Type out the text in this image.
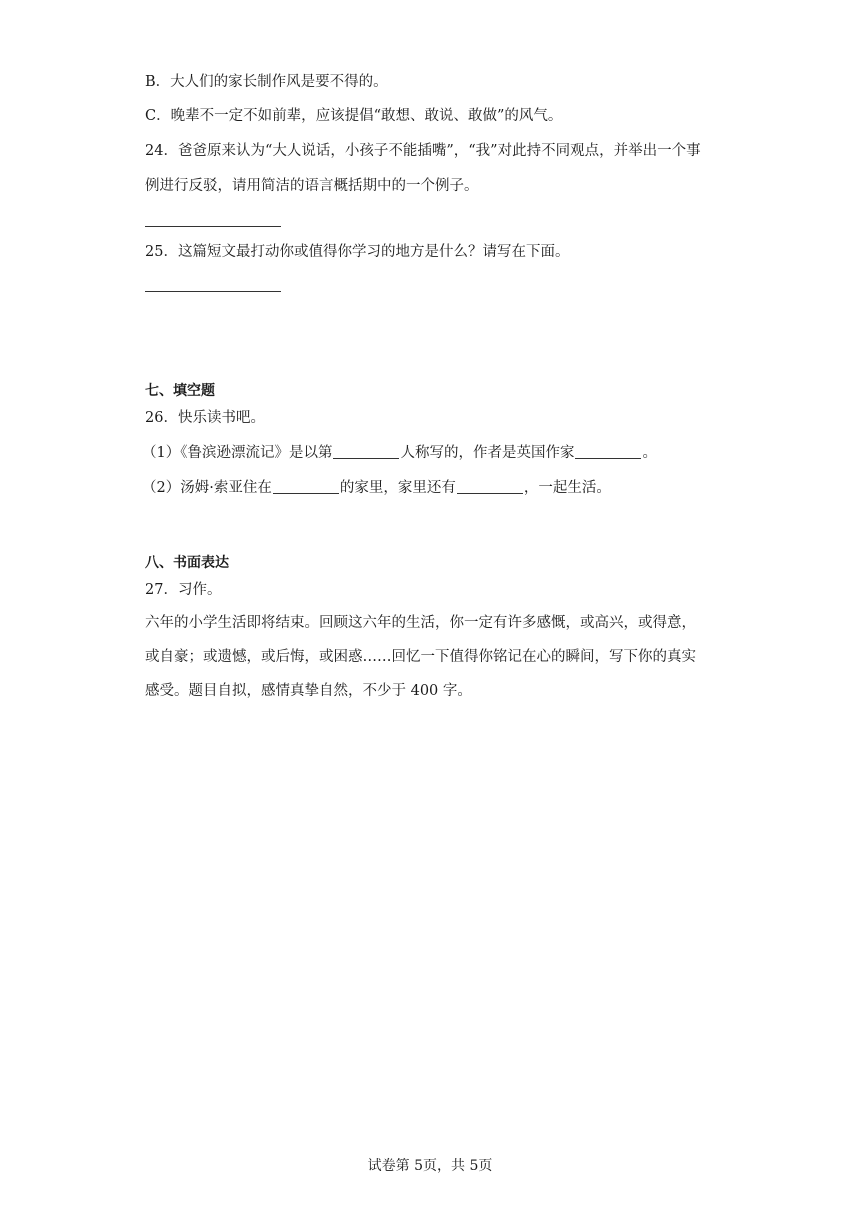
B．大人们的家长制作风是要不得的。
C．晚辈不一定不如前辈，应该提倡“敢想、敢说、敢做”的风气。
24．爸爸原来认为“大人说话，小孩子不能插嘴”，“我”对此持不同观点，并举出一个事
例进行反驳，请用简洁的语言概括期中的一个例子。
25．这篇短文最打动你或值得你学习的地方是什么？请写在下面。
七、填空题
26．快乐读书吧。
（1）《鲁滨逊漂流记》是以第	人称写的，作者是英国作家	。
（2）汤姆·索亚住在	的家里，家里还有	，一起生活。
八、书面表达
27．习作。
六年的小学生活即将结束。回顾这六年的生活，你一定有许多感慨，或高兴，或得意，
或自豪；或遗憾，或后悔，或困惑……回忆一下值得你铭记在心的瞬间，写下你的真实
感受。题目自拟，感情真挚自然，不少于 400 字。
试卷第 5页，共 5页
